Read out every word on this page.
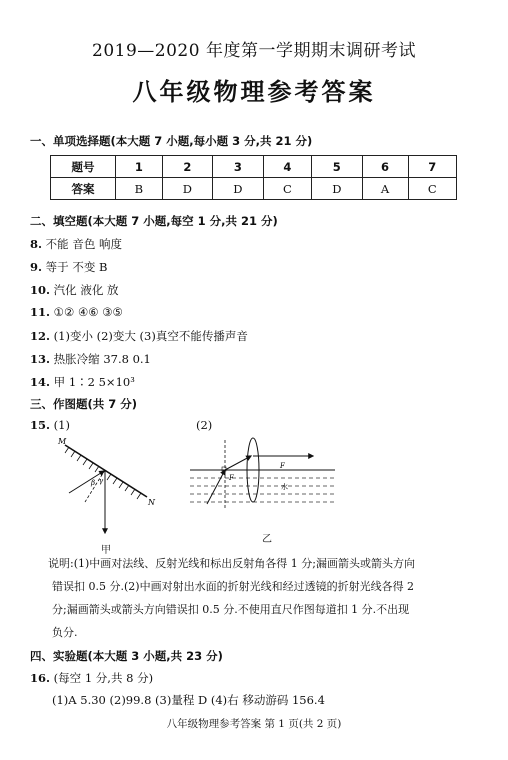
2019—2020 年度第一学期期末调研考试
八年级物理参考答案
一、单项选择题(本大题 7 小题,每小题 3 分,共 21 分)
题号	1	2	3	4	5	6	7
答案	B	D	D	C	D	A	C
二、填空题(本大题 7 小题,每空 1 分,共 21 分)
8. 不能 音色 响度
9. 等于 不变 B
10. 汽化 液化 放
11. ①② ④⑥ ③⑤
12. (1)变小 (2)变大 (3)真空不能传播声音
13. 热胀冷缩 37.8 0.1
14. 甲 1∶2 5×10³
三、作图题(共 7 分)
15. (1)	(2)
M
N
β γ
甲
F
F
水
乙
说明:(1)中画对法线、反射光线和标出反射角各得 1 分;漏画箭头或箭头方向
错误扣 0.5 分.(2)中画对射出水面的折射光线和经过透镜的折射光线各得 2
分;漏画箭头或箭头方向错误扣 0.5 分.不使用直尺作图每道扣 1 分.不出现
负分.
四、实验题(本大题 3 小题,共 23 分)
16. (每空 1 分,共 8 分)
(1)A 5.30 (2)99.8 (3)量程 D (4)右 移动游码 156.4
八年级物理参考答案 第 1 页(共 2 页)
